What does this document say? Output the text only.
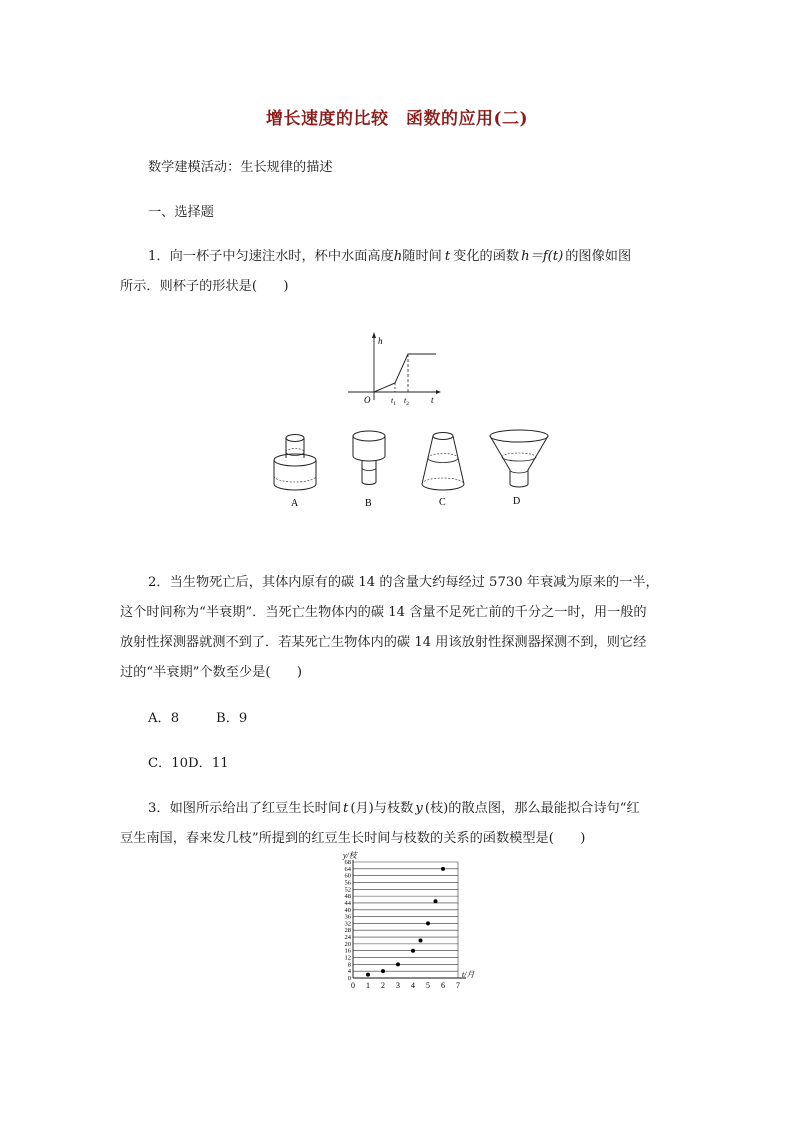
增长速度的比较　函数的应用(二)
数学建模活动：生长规律的描述
一、选择题
1．向一杯子中匀速注水时，杯中水面高度h随时间 t 变化的函数 h＝f(t) 的图像如图
所示．则杯子的形状是(　　)
h
t
O	$t_1$ $t_2$
A	B	C	D
2．当生物死亡后，其体内原有的碳 14 的含量大约每经过 5730 年衰减为原来的一半，
这个时间称为“半衰期”．当死亡生物体内的碳 14 含量不足死亡前的千分之一时，用一般的
放射性探测器就测不到了．若某死亡生物体内的碳 14 用该放射性探测器探测不到，则它经
过的“半衰期”个数至少是(　　)
A．8	B．9
C．10D．11
3．如图所示给出了红豆生长时间 t (月)与枝数 y (枝)的散点图，那么最能拟合诗句“红
豆生南国，春来发几枝”所提到的红豆生长时间与枝数的关系的函数模型是(　　)
0
4
8
12
16
20
24
28
32
36
40
44
48
52
56
60
64
68
0 1 2 3 4 5 6 7
y/枝
t/月
